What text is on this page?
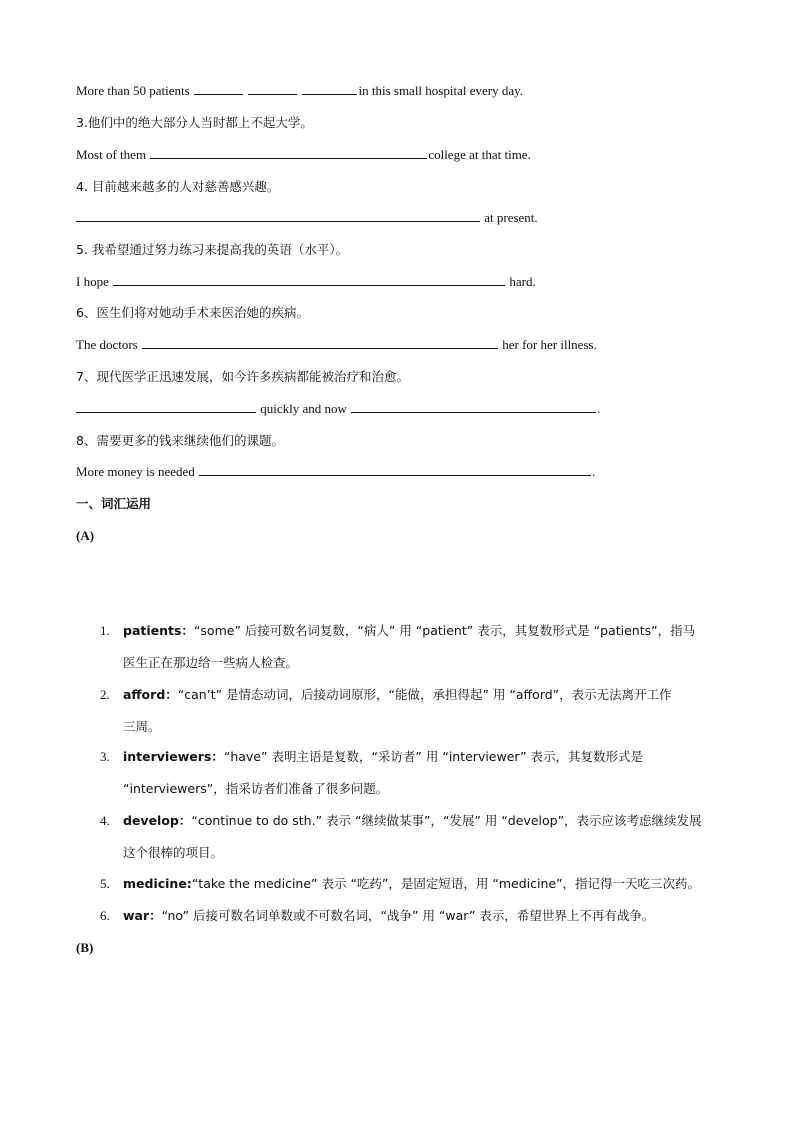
More than 50 patients	in this small hospital every day.
3.他们中的绝大部分人当时都上不起大学。
Most of them	college at that time.
4. 目前越来越多的人对慈善感兴趣。
at present.
5. 我希望通过努力练习来提高我的英语（水平）。
I hope	hard.
6、医生们将对她动手术来医治她的疾病。
The doctors	her for her illness.
7、现代医学正迅速发展，如今许多疾病都能被治疗和治愈。
quickly and now	.
8、需要更多的钱来继续他们的课题。
More money is needed	.
一、词汇运用
(A)
1. patients：“some” 后接可数名词复数，“病人” 用 “patient” 表示，其复数形式是 “patients”，指马
医生正在那边给一些病人检查。
2. afford：“can’t” 是情态动词，后接动词原形，“能做，承担得起” 用 “afford”，表示无法离开工作
三周。
3. interviewers：“have” 表明主语是复数，“采访者” 用 “interviewer” 表示，其复数形式是
“interviewers”，指采访者们准备了很多问题。
4. develop：“continue to do sth.” 表示 “继续做某事”，“发展” 用 “develop”，表示应该考虑继续发展
这个很棒的项目。
5. medicine:“take the medicine” 表示 “吃药”，是固定短语，用 “medicine”，指记得一天吃三次药。
6. war：“no” 后接可数名词单数或不可数名词，“战争” 用 “war” 表示，希望世界上不再有战争。
(B)
